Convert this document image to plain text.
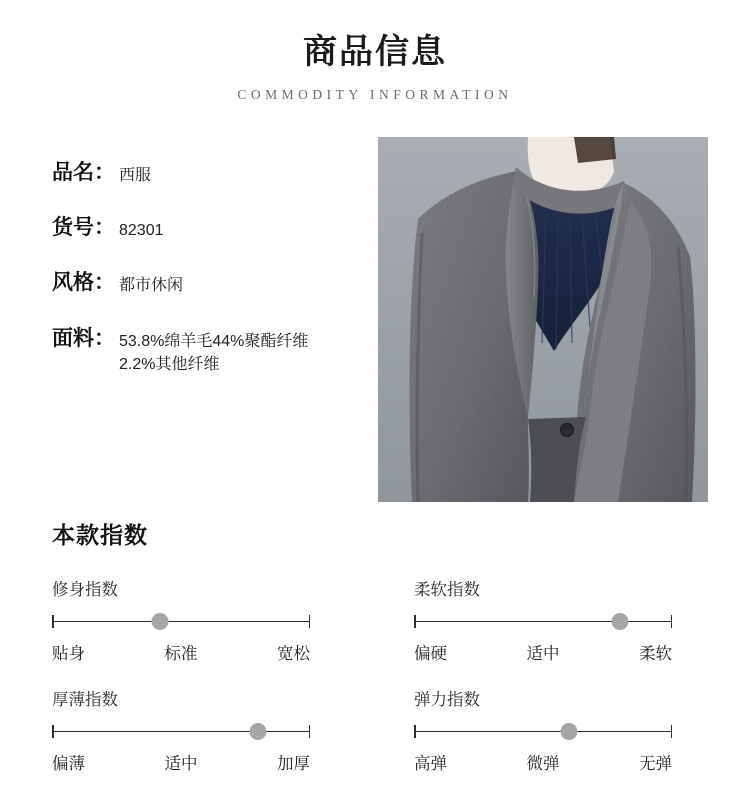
商品信息
COMMODITY INFORMATION
品名 ： 西服
货号 ： 82301
风格 ： 都市休闲
面料 ： 53.8%绵羊毛44%聚酯纤维
2.2%其他纤维
本款指数
修身指数
贴身	标准	宽松
柔软指数
偏硬	适中	柔软
厚薄指数
偏薄	适中	加厚
弹力指数
高弹	微弹	无弹
